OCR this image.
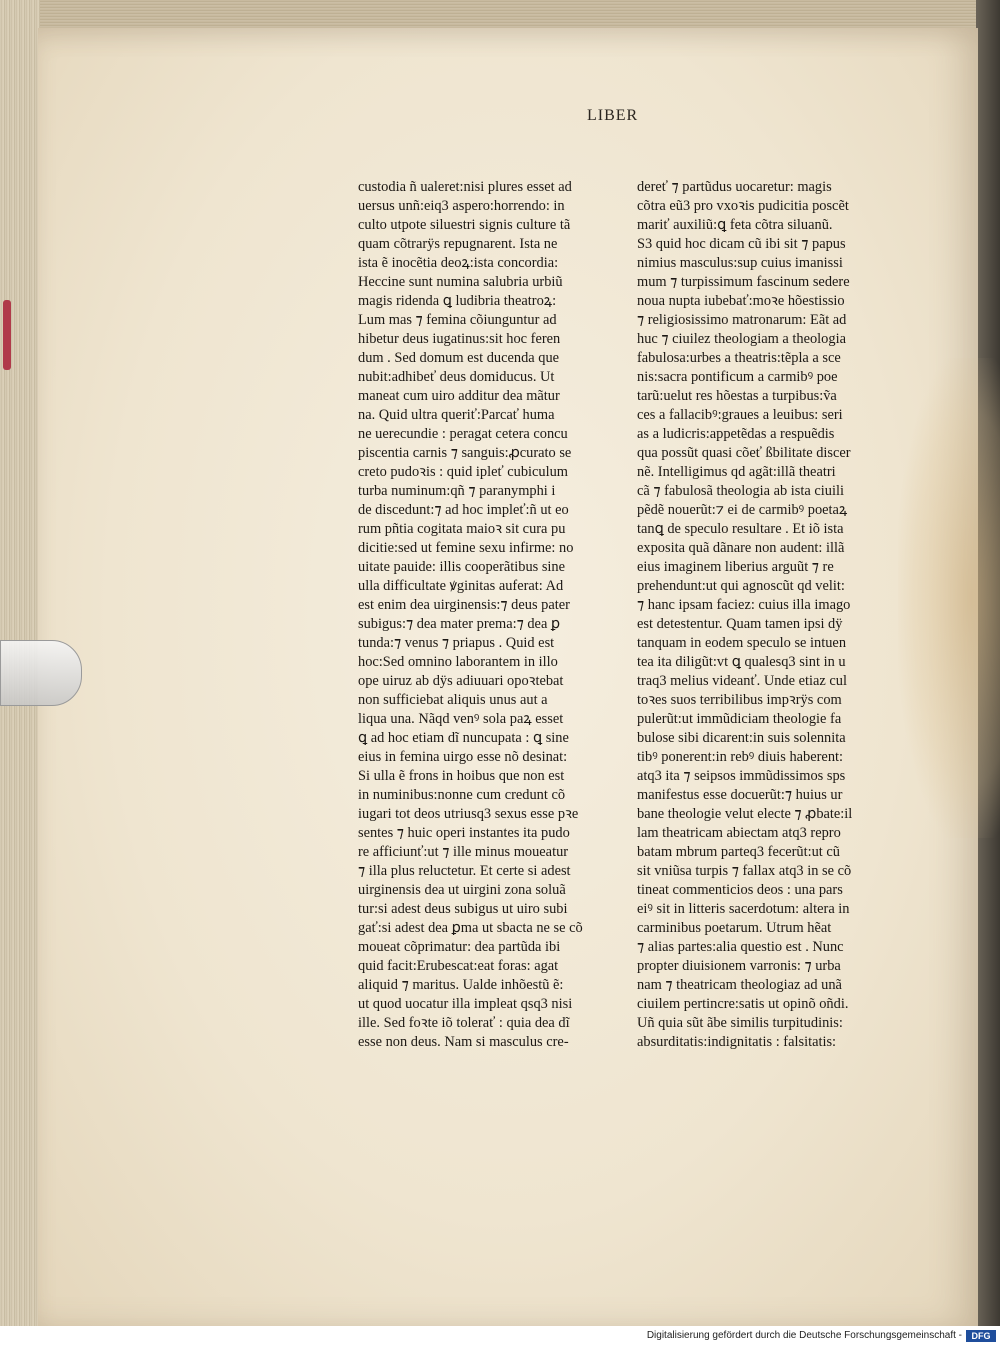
LIBER
custodia ñ ualeret:nisi plures esset ad
uersus unñ:eiq3 aspero:horrendo: in
culto utpote siluestri signis culture tã
quam cõtrarÿs repugnarent. Ista ne
ista ẽ inocẽtia deoꝝ:ista concordia:
Heccine sunt numina salubria urbiũ
magis ridenda ꝗ ludibria theatroꝝ:
Lum mas ⁊ femina cõiunguntur ad
hibetur deus iugatinus:sit hoc feren
dum . Sed domum est ducenda que
nubit:adhibeť deus domiducus. Ut
maneat cum uiro additur dea mãtur
na. Quid ultra queriť:Parcať huma
ne uerecundie : peragat cetera concu
piscentia carnis ⁊ sanguis:ꝓcurato se
creto pudoꝛis : quid ipleť cubiculum
turba numinum:qñ ⁊ paranymphi i
de discedunt:⁊ ad hoc impleť:ñ ut eo
rum pñtia cogitata maioꝛ sit cura pu
dicitie:sed ut femine sexu infirme: no
uitate pauide: illis cooperãtibus sine
ulla difficultate ꝟginitas auferat: Ad
est enim dea uirginensis:⁊ deus pater
subigus:⁊ dea mater prema:⁊ dea ꝑ
tunda:⁊ venus ⁊ priapus . Quid est
hoc:Sed omnino laborantem in illo
ope uiruz ab dÿs adiuuari opoꝛtebat
non sufficiebat aliquis unus aut a
liqua una. Nãqd venꝰ sola paꝝ esset
ꝗ ad hoc etiam dĩ nuncupata : ꝗ sine
eius in femina uirgo esse nõ desinat:
Si ulla ẽ frons in hoibus que non est
in numinibus:nonne cum credunt cõ
iugari tot deos utriusq3 sexus esse pꝛe
sentes ⁊ huic operi instantes ita pudo
re afficiunť:ut ⁊ ille minus moueatur
⁊ illa plus reluctetur. Et certe si adest
uirginensis dea ut uirgini zona soluã
tur:si adest deus subigus ut uiro subi
gať:si adest dea ꝑma ut sbacta ne se cõ
moueat cõprimatur: dea partũda ibi
quid facit:Erubescat:eat foras: agat
aliquid ⁊ maritus. Ualde inhõestũ ẽ:
ut quod uocatur illa impleat qsq3 nisi
ille. Sed foꝛte iõ tolerať : quia dea dĩ
esse non deus. Nam si masculus cre-
dereť ⁊ partũdus uocaretur: magis
cõtra eũ3 pro vxoꝛis pudicitia poscẽt
mariť auxiliũ:ꝗ feta cõtra siluanũ.
S3 quid hoc dicam cũ ibi sit ⁊ papus
nimius masculus:sup cuius imanissi
mum ⁊ turpissimum fascinum sedere
noua nupta iubebať:moꝛe hõestissio
⁊ religiosissimo matronarum: Eãt ad
huc ⁊ ciuilez theologiam a theologia
fabulosa:urbes a theatris:tẽpla a sce
nis:sacra pontificum a carmibꝰ poe
tarũ:uelut res hõestas a turpibus:ṽa
ces a fallacibꝰ:graues a leuibus: seri
as a ludicris:appetẽdas a respuẽdis
qua possũt quasi cõeť ßbilitate discer
nẽ. Intelligimus qd agãt:illã theatri
cã ⁊ fabulosã theologia ab ista ciuili
pẽdẽ nouerũt:⁊ ei de carmibꝰ poetaꝝ
tanꝗ de speculo resultare . Et iõ ista
exposita quã dãnare non audent: illã
eius imaginem liberius arguũt ⁊ re
prehendunt:ut qui agnoscũt qd velit:
⁊ hanc ipsam faciez: cuius illa imago
est detestentur. Quam tamen ipsi dÿ
tanquam in eodem speculo se intuen
tea ita diligũt:vt ꝗ qualesq3 sint in u
traq3 melius videanť. Unde etiaz cul
toꝛes suos terribilibus impꝛrÿs com
pulerũt:ut immũdiciam theologie fa
bulose sibi dicarent:in suis solennita
tibꝰ ponerent:in rebꝰ diuis haberent:
atq3 ita ⁊ seipsos immũdissimos sps
manifestus esse docuerũt:⁊ huius ur
bane theologie velut electe ⁊ ꝓbate:il
lam theatricam abiectam atq3 repro
batam mbrum parteq3 fecerũt:ut cũ
sit vniũsa turpis ⁊ fallax atq3 in se cõ
tineat commenticios deos : una pars
eiꝰ sit in litteris sacerdotum: altera in
carminibus poetarum. Utrum hẽat
⁊ alias partes:alia questio est . Nunc
propter diuisionem varronis: ⁊ urba
nam ⁊ theatricam theologiaz ad unã
ciuilem pertincre:satis ut opinõ oñdi.
Uñ quia sũt ãbe similis turpitudinis:
absurditatis:indignitatis : falsitatis:
Digitalisierung gefördert durch die Deutsche Forschungsgemeinschaft -	DFG
